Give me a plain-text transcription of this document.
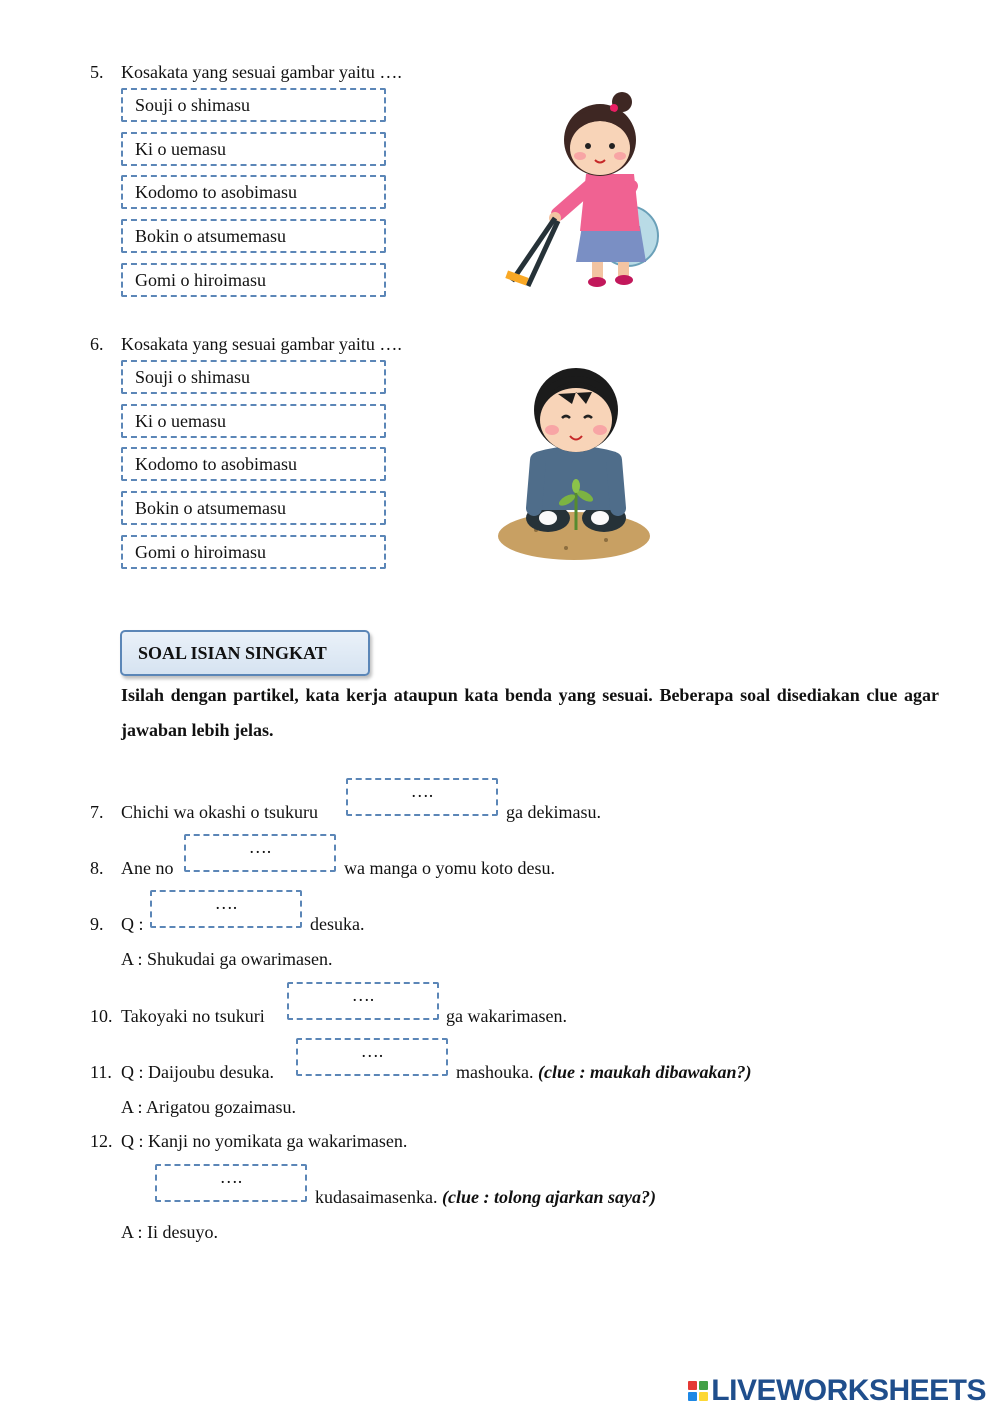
5. Kosakata yang sesuai gambar yaitu ….
Souji o shimasu
Ki o uemasu
Kodomo to asobimasu
Bokin o atsumemasu
Gomi o hiroimasu
6. Kosakata yang sesuai gambar yaitu ….
Souji o shimasu
Ki o uemasu
Kodomo to asobimasu
Bokin o atsumemasu
Gomi o hiroimasu
SOAL ISIAN SINGKAT
Isilah dengan partikel, kata kerja ataupun kata benda yang sesuai. Beberapa soal disediakan clue agar jawaban lebih jelas.
….
7. Chichi wa okashi o tsukuru	ga dekimasu.
….
8. Ane no	wa manga o yomu koto desu.
….
9. Q :	desuka.
A : Shukudai ga owarimasen.
….
10. Takoyaki no tsukuri	ga wakarimasen.
….
11. Q : Daijoubu desuka.	mashouka. (clue : maukah dibawakan?)
A : Arigatou gozaimasu.
12. Q : Kanji no yomikata ga wakarimasen.
….
kudasaimasenka. (clue : tolong ajarkan saya?)
A : Ii desuyo.
LIVEWORKSHEETS
